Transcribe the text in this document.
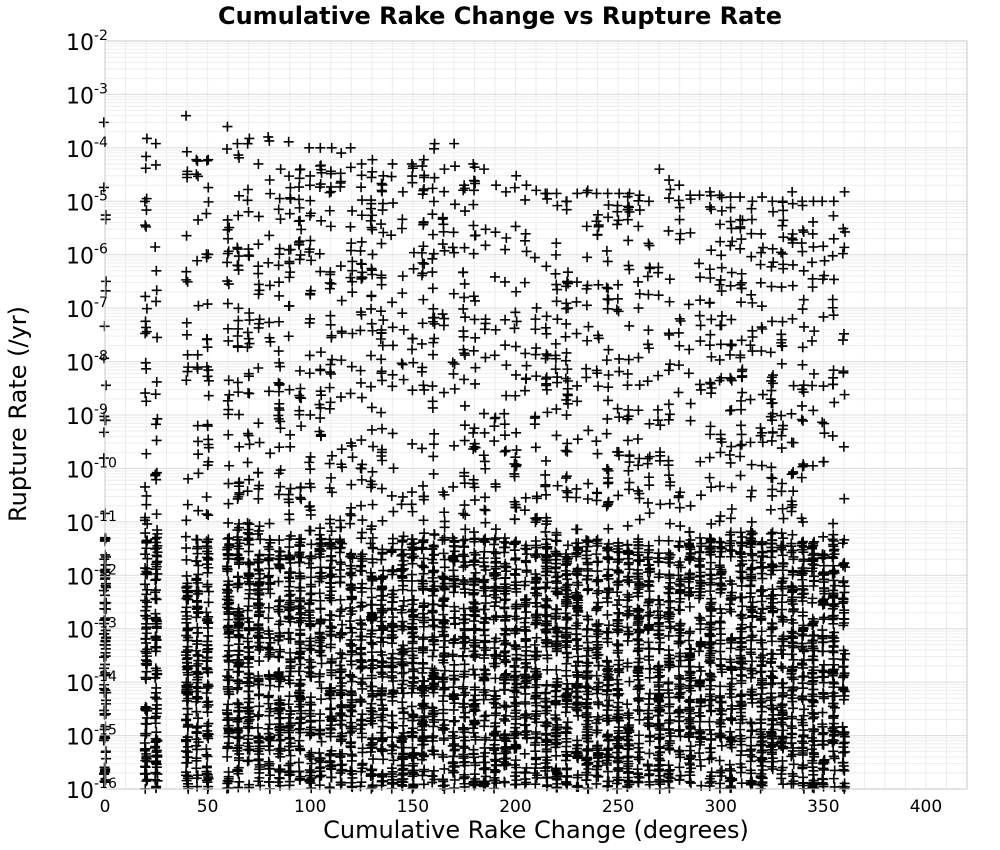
Cumulative Rake Change vs Rupture Rate
Cumulative Rake Change (degrees)
Rupture Rate (/yr)
0	50	100	150	200	250	300	350	400
$10^{-16}$
$10^{-15}$
$10^{-14}$
$10^{-13}$
$10^{-12}$
$10^{-11}$
$10^{-10}$
$10^{-9}$
$10^{-8}$
$10^{-7}$
$10^{-6}$
$10^{-5}$
$10^{-4}$
$10^{-3}$
$10^{-2}$
